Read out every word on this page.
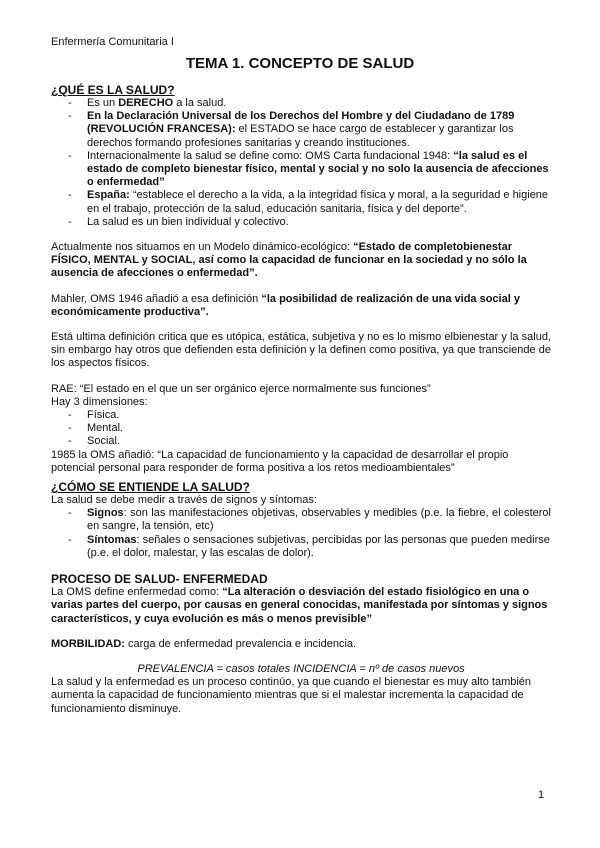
Enfermería Comunitaria I
TEMA 1. CONCEPTO DE SALUD
¿QUÉ ES LA SALUD?
- Es un DERECHO a la salud.
- En la Declaración Universal de los Derechos del Hombre y del Ciudadano de 1789 (REVOLUCIÓN FRANCESA): el ESTADO se hace cargo de establecer y garantizar los derechos formando profesiones sanitarias y creando instituciones.
- Internacionalmente la salud se define como: OMS Carta fundacional 1948: “la salud es el estado de completo bienestar físico, mental y social y no solo la ausencia de afecciones o enfermedad”
- España: “establece el derecho a la vida, a la integridad física y moral, a la seguridad e higiene en el trabajo, protección de la salud, educación sanitaria, física y del deporte”.
- La salud es un bien individual y colectivo.

Actualmente nos situamos en un Modelo dinámico-ecológico: “Estado de completobienestar FÍSICO, MENTAL y SOCIAL, así como la capacidad de funcionar en la sociedad y no sólo la ausencia de afecciones o enfermedad”.

Mahler, OMS 1946 añadió a esa definición “la posibilidad de realización de una vida social y económicamente productiva”.

Está ultima definición critica que es utópica, estática, subjetiva y no es lo mismo elbienestar y la salud, sin embargo hay otros que defienden esta definición y la definen como positiva, ya que transciende de los aspectos físicos.

RAE: “El estado en el que un ser orgánico ejerce normalmente sus funciones”

Hay 3 dimensiones:

- Física.
- Mental.
- Social.

1985 la OMS añadió: “La capacidad de funcionamiento y la capacidad de desarrollar el propio potencial personal para responder de forma positiva a los retos medioambientales”

¿CÓMO SE ENTIENDE LA SALUD?

La salud se debe medir a través de signos y síntomas:

- Signos: son las manifestaciones objetivas, observables y medibles (p.e. la fiebre, el colesterol en sangre, la tensión, etc)
- Síntomas: señales o sensaciones subjetivas, percibidas por las personas que pueden medirse (p.e. el dolor, malestar, y las escalas de dolor).
PROCESO DE SALUD- ENFERMEDAD

La OMS define enfermedad como: “La alteración o desviación del estado fisiológico en una o varias partes del cuerpo, por causas en general conocidas, manifestada por síntomas y signos característicos, y cuya evolución es más o menos previsible”

MORBILIDAD: carga de enfermedad prevalencia e incidencia.

PREVALENCIA = casos totales INCIDENCIA = nº de casos nuevos

La salud y la enfermedad es un proceso continúo, ya que cuando el bienestar es muy alto también aumenta la capacidad de funcionamiento mientras que si el malestar incrementa la capacidad de funcionamiento disminuye.

1
